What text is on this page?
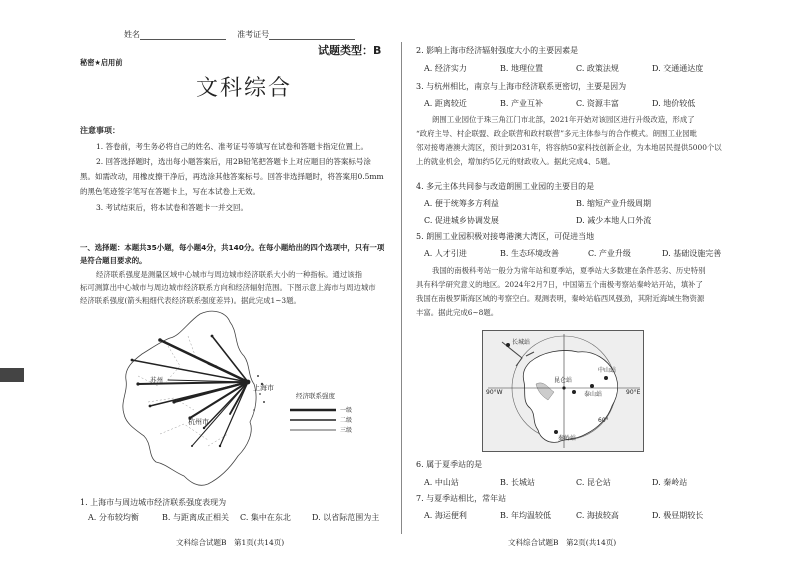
姓名	准考证号
试题类型：B
秘密★启用前
文科综合
注意事项：
1. 答卷前，考生务必将自己的姓名、准考证号等填写在试卷和答题卡指定位置上。
2. 回答选择题时，选出每小题答案后，用2B铅笔把答题卡上对应题目的答案标号涂
黑。如需改动，用橡皮擦干净后，再选涂其他答案标号。回答非选择题时，将答案用0.5mm
的黑色笔迹签字笔写在答题卡上，写在本试卷上无效。
3. 考试结束后，将本试卷和答题卡一并交回。
一、选择题：本题共35小题，每小题4分，共140分。在每小题给出的四个选项中，只有一项
是符合题目要求的。
经济联系强度是测量区域中心城市与周边城市经济联系大小的一种指标。通过该指
标可测算出中心城市与周边城市经济联系方向和经济辐射范围。下图示意上海市与周边城市
经济联系强度(箭头粗细代表经济联系强度差异)。据此完成1~3题。
上海市
杭州市
苏州
经济联系强度
一级
二级
三级
1. 上海市与周边城市经济联系强度表现为
A. 分布较均衡	B. 与距离成正相关 C. 集中在东北	D. 以省际范围为主
文科综合试题B　第1页(共14页)
2. 影响上海市经济辐射强度大小的主要因素是
A. 经济实力	B. 地理位置	C. 政策法规	D. 交通通达度
3. 与杭州相比，南京与上海市经济联系更密切，主要是因为
A. 距离较近	B. 产业互补	C. 资源丰富	D. 地价较低
朗围工业园位于珠三角江门市北部，2021年开始对该园区进行升级改造，形成了
“政府主导、村企联盟、政企联营和政村联营”多元主体参与的合作模式。朗围工业园毗
邻对接粤港澳大湾区，预计到2031年，将容纳50家科技创新企业，为本地居民提供5000个以
上的就业机会，增加约5亿元的财政收入。据此完成4、5题。
4. 多元主体共同参与改造朗围工业园的主要目的是
A. 便于统筹多方利益	B. 缩短产业升级周期
C. 促进城乡协调发展	D. 减少本地人口外流
5. 朗围工业园积极对接粤港澳大湾区，可促进当地
A. 人才引进	B. 生态环境改善	C. 产业升级	D. 基础设施完善
我国的南极科考站一般分为常年站和夏季站，夏季站大多数建在条件恶劣、历史特别
具有科学研究意义的地区。2024年2月7日，中国第五个南极考察站秦岭站开站，填补了
我国在南极罗斯海区域的考察空白。观测表明，秦岭站临西风强劲，其附近海域生物资源
丰富。据此完成6~8题。
长城站
昆仑站
中山站
泰山站
秦岭站
90°W	90°E
60°
6. 属于夏季站的是
A. 中山站	B. 长城站	C. 昆仑站	D. 秦岭站
7. 与夏季站相比，常年站
A. 海运便利	B. 年均温较低	C. 海拔较高	D. 极昼期较长
文科综合试题B　第2页(共14页)
